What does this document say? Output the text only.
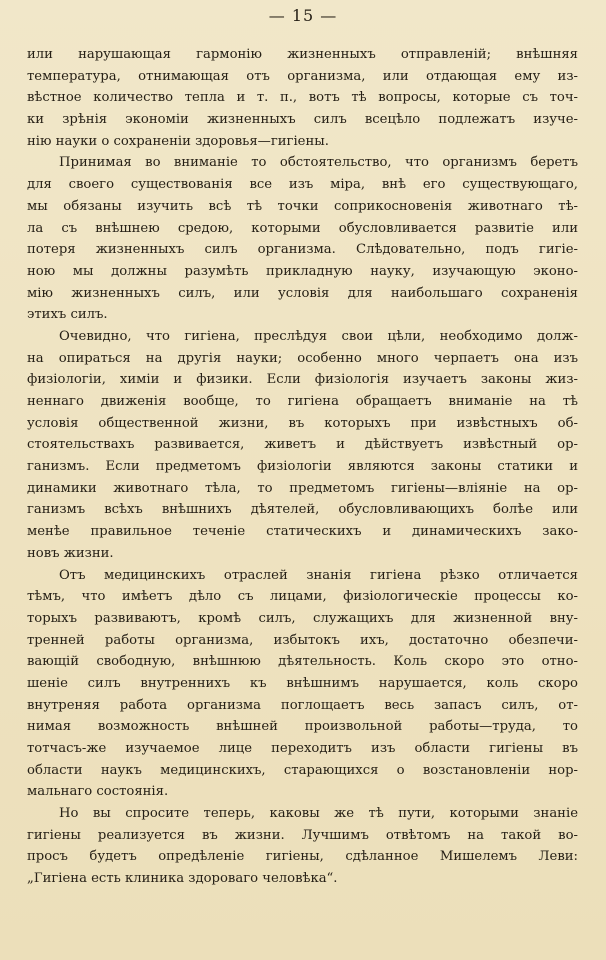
— 15 —
или нарушающая гармонію жизненныхъ отправленій; внѣшняя
температура, отнимающая отъ организма, или отдающая ему из-
вѣстное количество тепла и т. п., вотъ тѣ вопросы, которые съ точ-
ки зрѣнія экономіи жизненныхъ силъ всецѣло подлежатъ изуче-
нію науки о сохраненіи здоровья—гигіены.
Принимая во вниманіе то обстоятельство, что организмъ беретъ
для своего существованія все изъ міра, внѣ его существующаго,
мы обязаны изучить всѣ тѣ точки соприкосновенія животнаго тѣ-
ла съ внѣшнею средою, которыми обусловливается развитіе или
потеря жизненныхъ силъ организма. Слѣдовательно, подъ гигіе-
ною мы должны разумѣть прикладную науку, изучающую эконо-
мію жизненныхъ силъ, или условія для наибольшаго сохраненія
этихъ силъ.
Очевидно, что гигіена, преслѣдуя свои цѣли, необходимо долж-
на опираться на другія науки; особенно много черпаетъ она изъ
физіологіи, химіи и физики. Если физіологія изучаетъ законы жиз-
неннаго движенія вообще, то гигіена обращаетъ вниманіе на тѣ
условія общественной жизни, въ которыхъ при извѣстныхъ об-
стоятельствахъ развивается, живетъ и дѣйствуетъ извѣстный ор-
ганизмъ. Если предметомъ физіологіи являются законы статики и
динамики животнаго тѣла, то предметомъ гигіены—вліяніе на ор-
ганизмъ всѣхъ внѣшнихъ дѣятелей, обусловливающихъ болѣе или
менѣе правильное теченіе статическихъ и динамическихъ зако-
новъ жизни.
Отъ медицинскихъ отраслей знанія гигіена рѣзко отличается
тѣмъ, что имѣетъ дѣло съ лицами, физіологическіе процессы ко-
торыхъ развиваютъ, кромѣ силъ, служащихъ для жизненной вну-
тренней работы организма, избытокъ ихъ, достаточно обезпечи-
вающій свободную, внѣшнюю дѣятельность. Коль скоро это отно-
шеніе силъ внутреннихъ къ внѣшнимъ нарушается, коль скоро
внутреняя работа организма поглощаетъ весь запасъ силъ, от-
нимая возможность внѣшней произвольной работы—труда, то
тотчасъ-же изучаемое лице переходитъ изъ области гигіены въ
области наукъ медицинскихъ, старающихся о возстановленіи нор-
мальнаго состоянія.
Но вы спросите теперь, каковы же тѣ пути, которыми знаніе
гигіены реализуется въ жизни. Лучшимъ отвѣтомъ на такой во-
просъ будетъ опредѣленіе гигіены, сдѣланное Мишелемъ Леви:
„Гигіена есть клиника здороваго человѣка“.
